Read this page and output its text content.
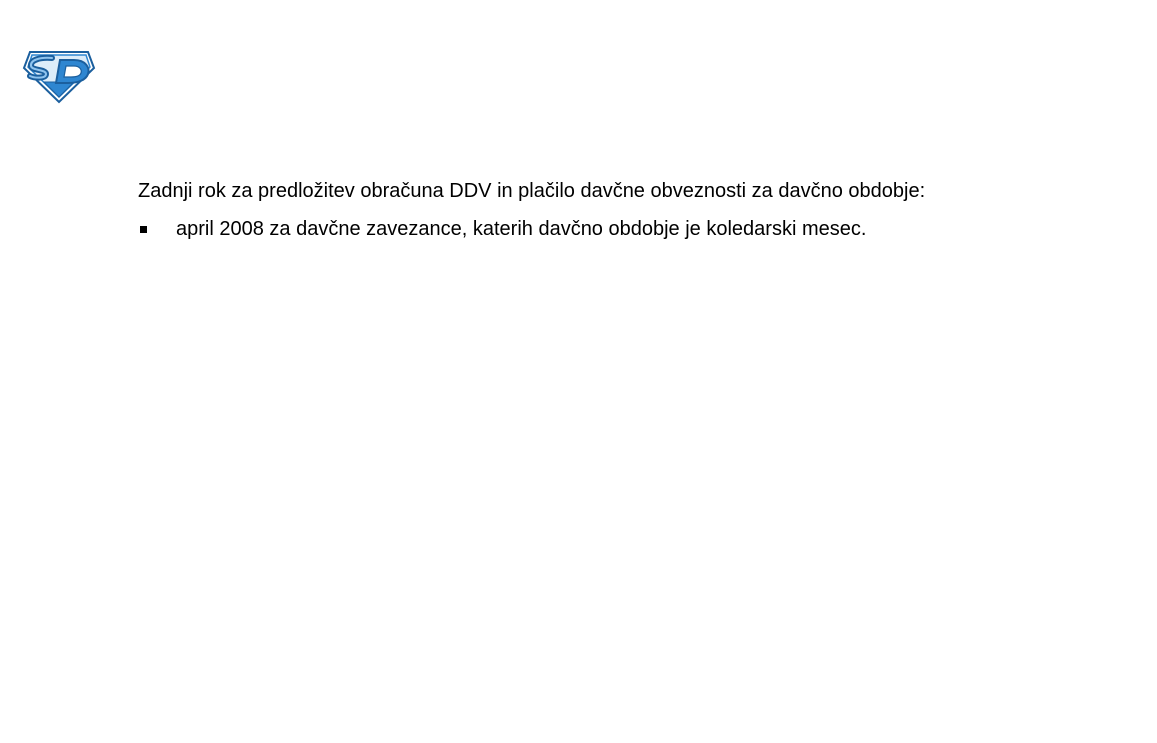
Zadnji rok za predložitev obračuna DDV in plačilo davčne obveznosti za davčno obdobje:

april 2008 za davčne zavezance, katerih davčno obdobje je koledarski mesec.
